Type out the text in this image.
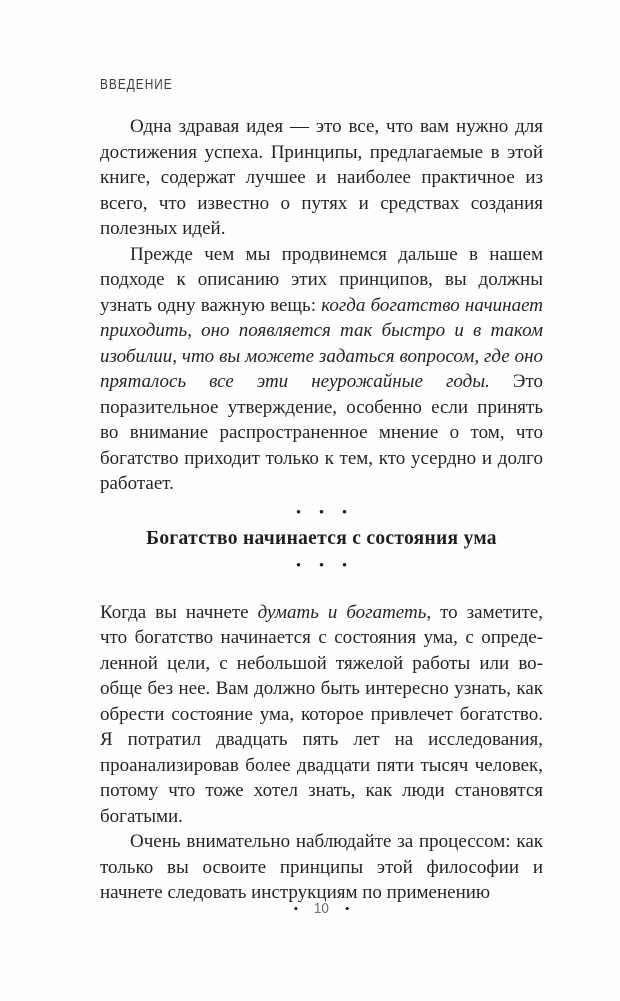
ВВЕДЕНИЕ

Одна здравая идея — это все, что вам нужно для достижения успеха. Принципы, предлагаемые в этой книге, содержат лучшее и наиболее практичное из всего, что известно о путях и средствах создания полезных идей.

Прежде чем мы продвинемся дальше в нашем подходе к описанию этих принципов, вы должны узнать одну важную вещь: когда богатство начинает приходить, оно появляется так быстро и в таком изобилии, что вы можете задаться вопросом, где оно пряталось все эти неурожайные годы. Это поразительное утверждение, особенно если принять во внимание распространенное мнение о том, что богатство приходит только к тем, кто усердно и долго работает.

• • •
Богатство начинается с состояния ума
• • •

Когда вы начнете думать и богатеть, то заметите, что богатство начинается с состояния ума, с определенной цели, с небольшой тяжелой работы или вообще без нее. Вам должно быть интересно узнать, как обрести состояние ума, которое привлечет богатство. Я потратил двадцать пять лет на исследования, проанализировав более двадцати пяти тысяч человек, потому что тоже хотел знать, как люди становятся богатыми.

Очень внимательно наблюдайте за процессом: как только вы освоите принципы этой философии и начнете следовать инструкциям по применению

• 10 •
